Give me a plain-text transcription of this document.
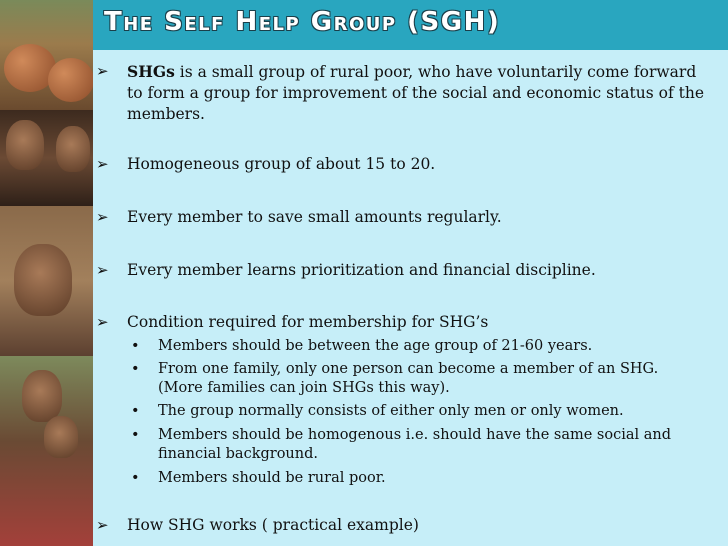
The Self Help Group (SGH)
➢	SHGs is a small group of rural poor, who have voluntarily come forward to form a group for improvement of the social and economic status of the members.
➢	Homogeneous group of about 15 to 20.
➢	Every member to save small amounts regularly.
➢	Every member learns prioritization and financial discipline.
➢	Condition required for membership for SHG’s
• Members should be between the age group of 21-60 years.
• From one family, only one person can become a member of an SHG. (More families can join SHGs this way).
• The group normally consists of either only men or only women.
• Members should be homogenous i.e. should have the same social and financial background.
• Members should be rural poor.
➢	How SHG works ( practical example)
